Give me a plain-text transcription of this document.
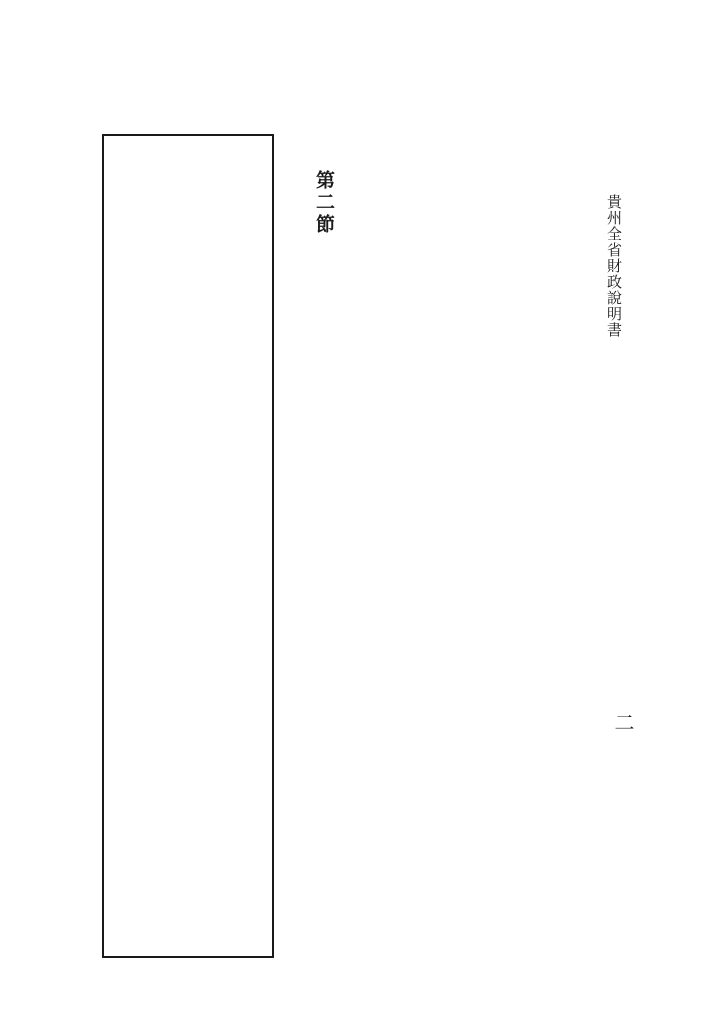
貴州全省財政說明書
二
第二節
